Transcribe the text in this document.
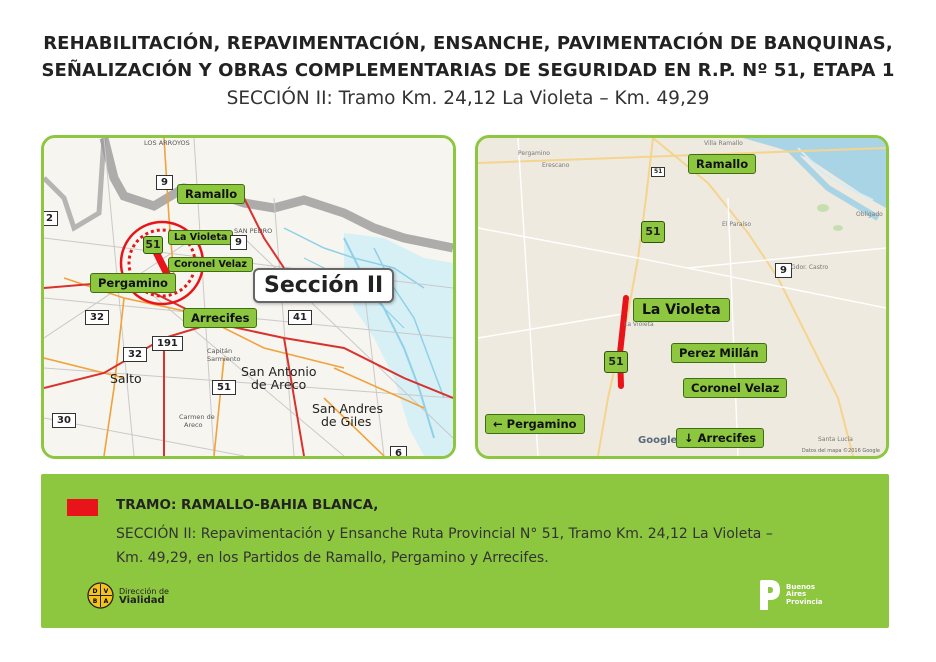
REHABILITACIÓN, REPAVIMENTACIÓN, ENSANCHE, PAVIMENTACIÓN DE BANQUINAS,
SEÑALIZACIÓN Y OBRAS COMPLEMENTARIAS DE SEGURIDAD EN R.P. Nº 51, ETAPA 1
SECCIÓN II: Tramo Km. 24,12 La Violeta – Km. 49,29
Ramallo
La Violeta
Coronel Velaz
Pergamino
Arrecifes
51
Sección II
9
9
32
32
191
51
41
30
2
6
Salto	San Antonio
de Areco
San Andres
de Giles
SAN PEDRO
LOS ARROYOS
Capitán
Sarmiento
Carmen de
Areco
Ramallo
51
La Violeta
51
Perez Millán
Coronel Velaz
← Pergamino
↓ Arrecifes
51
9
Pergamino
Erescano
Villa Ramallo
El Paraíso
Obligado
Gdor. Castro
La Violeta
Santa Lucía
Google
Datos del mapa ©2016 Google
TRAMO: RAMALLO-BAHIA BLANCA,
SECCIÓN II: Repavimentación y Ensanche Ruta Provincial N° 51, Tramo Km. 24,12 La Violeta –
Km. 49,29, en los Partidos de Ramallo, Pergamino y Arrecifes.
D V
B A
Dirección de
Vialidad
Buenos
Aires
Provincia
